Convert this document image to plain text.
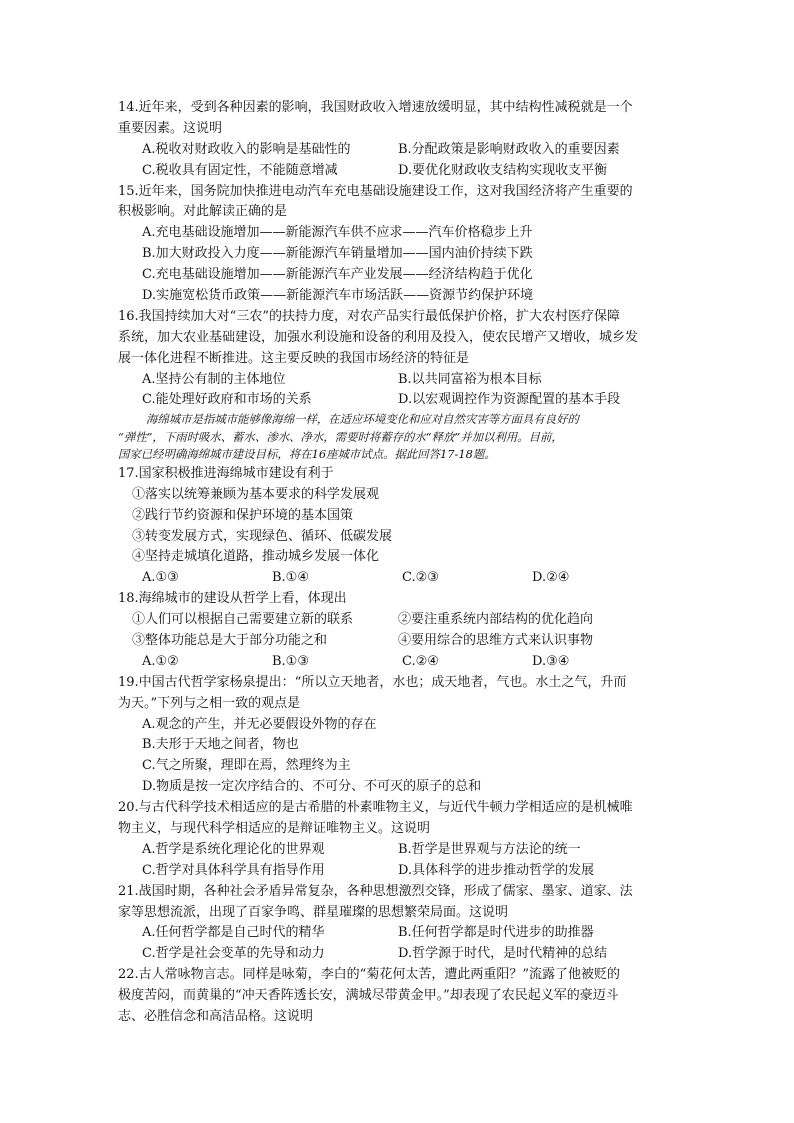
14.近年来，受到各种因素的影响，我国财政收入增速放缓明显，其中结构性减税就是一个
重要因素。这说明
A.税收对财政收入的影响是基础性的	B.分配政策是影响财政收入的重要因素
C.税收具有固定性，不能随意增减	D.要优化财政收支结构实现收支平衡
15.近年来，国务院加快推进电动汽车充电基础设施建设工作，这对我国经济将产生重要的
积极影响。对此解读正确的是
A.充电基础设施增加——新能源汽车供不应求——汽车价格稳步上升
B.加大财政投入力度——新能源汽车销量增加——国内油价持续下跌
C.充电基础设施增加——新能源汽车产业发展——经济结构趋于优化
D.实施宽松货币政策——新能源汽车市场活跃——资源节约保护环境
16.我国持续加大对“三农”的扶持力度，对农产品实行最低保护价格，扩大农村医疗保障
系统，加大农业基础建设，加强水利设施和设备的利用及投入，使农民增产又增收，城乡发
展一体化进程不断推进。这主要反映的我国市场经济的特征是
A.坚持公有制的主体地位	B.以共同富裕为根本目标
C.能处理好政府和市场的关系	D.以宏观调控作为资源配置的基本手段
海绵城市是指城市能够像海绵一样，在适应环境变化和应对自然灾害等方面具有良好的
“弹性”，下雨时吸水、蓄水、渗水、净水，需要时将蓄存的水“释放”并加以利用。目前，
国家已经明确海绵城市建设目标，将在16座城市试点。据此回答17-18题。
17.国家积极推进海绵城市建设有利于
①落实以统筹兼顾为基本要求的科学发展观
②践行节约资源和保护环境的基本国策
③转变发展方式，实现绿色、循环、低碳发展
④坚持走城填化道路，推动城乡发展一体化
A.①③	B.①④	C.②③	D.②④
18.海绵城市的建设从哲学上看，体现出
①人们可以根据自己需要建立新的联系	②要注重系统内部结构的优化趋向
③整体功能总是大于部分功能之和	④要用综合的思维方式来认识事物
A.①②	B.①③	C.②④	D.③④
19.中国古代哲学家杨泉提出：“所以立天地者，水也；成天地者，气也。水土之气，升而
为天。”下列与之相一致的观点是
A.观念的产生，并无必要假设外物的存在
B.夫形于天地之间者，物也
C.气之所聚，理即在焉，然理终为主
D.物质是按一定次序结合的、不可分、不可灭的原子的总和
20.与古代科学技术相适应的是古希腊的朴素唯物主义，与近代牛顿力学相适应的是机械唯
物主义，与现代科学相适应的是辩证唯物主义。这说明
A.哲学是系统化理论化的世界观	B.哲学是世界观与方法论的统一
C.哲学对具体科学具有指导作用	D.具体科学的进步推动哲学的发展
21.战国时期，各种社会矛盾异常复杂，各种思想激烈交锋，形成了儒家、墨家、道家、法
家等思想流派，出现了百家争鸣、群星璀璨的思想繁荣局面。这说明
A.任何哲学都是自己时代的精华	B.任何哲学都是时代进步的助推器
C.哲学是社会变革的先导和动力	D.哲学源于时代，是时代精神的总结
22.古人常咏物言志。同样是咏菊，李白的“菊花何太苦，遭此两重阳？”流露了他被贬的
极度苦闷，而黄巢的“冲天香阵透长安，满城尽带黄金甲。”却表现了农民起义军的豪迈斗
志、必胜信念和高洁品格。这说明
